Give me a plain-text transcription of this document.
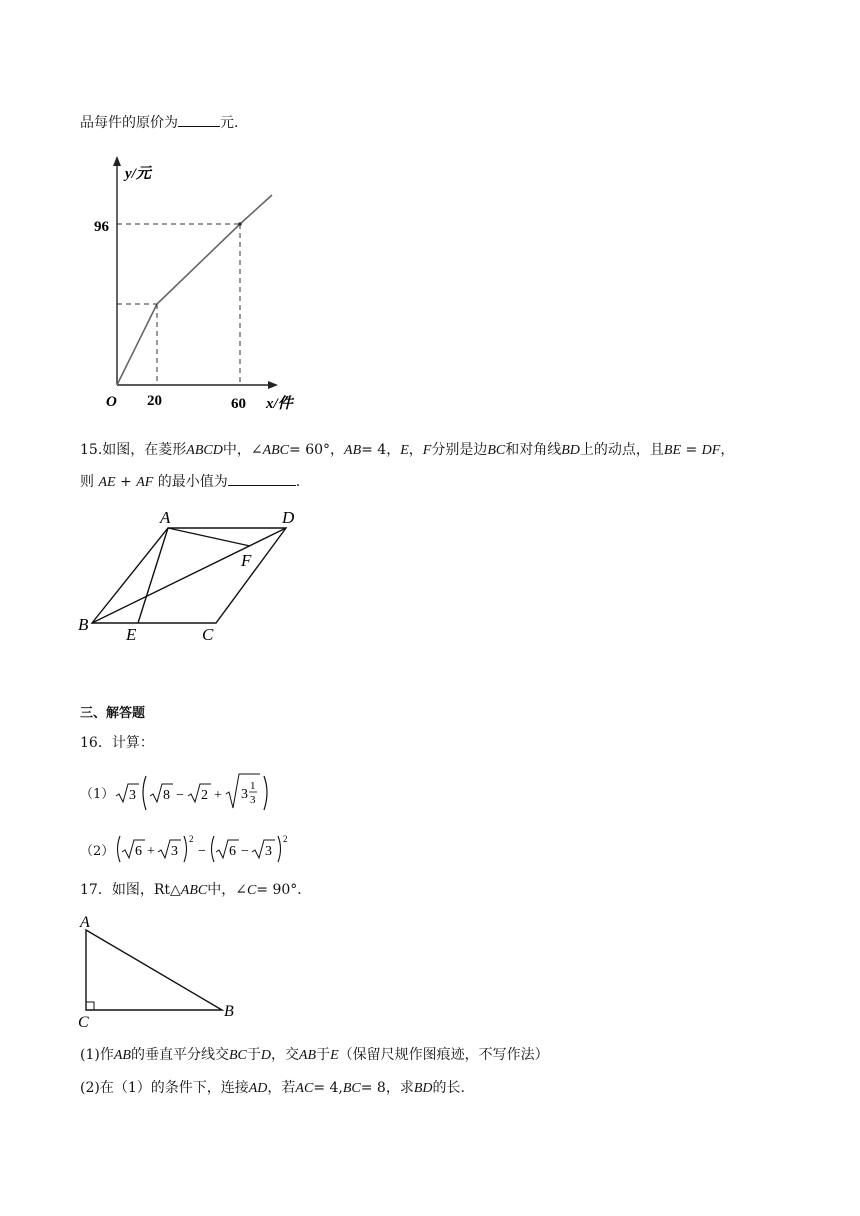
品每件的原价为	元.
y/元
96
O 20	60 x/件
15.如图，在菱形ABCD中，∠ABC= 60°，AB= 4，E，F分别是边BC和对角线BD上的动点，且BE = DF，
则 AE + AF 的最小值为	.
A	D
F
B
E	C
三、解答题
16．计算：
（1） 3 8 − 2 + 3
1
3
（2） 6 + 3
2
− 6 − 3
2
17．如图，Rt△ABC中，∠C= 90°．
A
C
B
(1)作AB的垂直平分线交BC于D，交AB于E（保留尺规作图痕迹，不写作法）
(2)在（1）的条件下，连接AD，若AC= 4,BC= 8，求BD的长.
